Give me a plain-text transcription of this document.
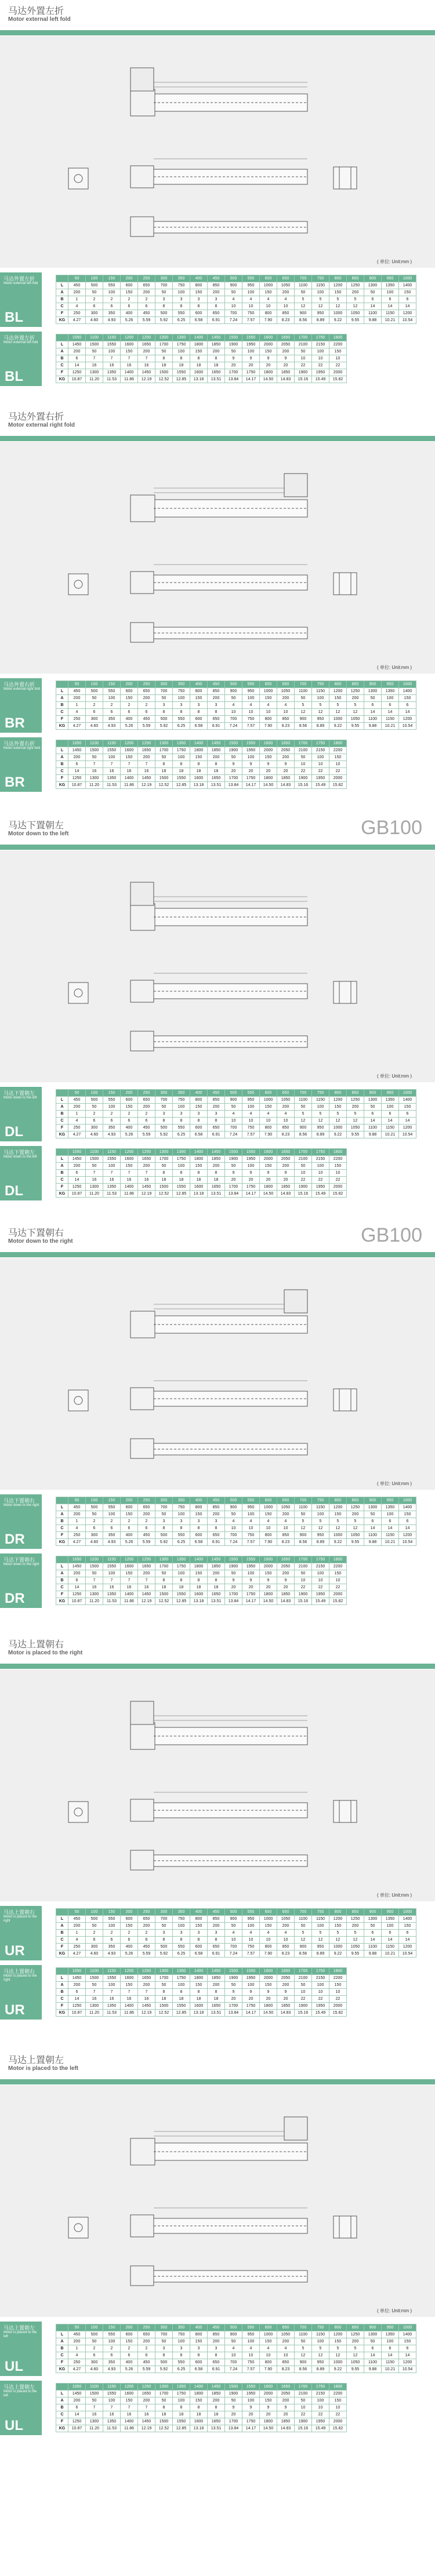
马达外置左折
Motor external left fold
( 单位: Unit:mm )
马达外置左折
Motor external left fold
BL
	50	100	150	200	250	300	350	400	450	500	550	600	650	700	750	800	850	900	950	1000
L	450	500	550	600	650	700	750	800	850	900	950	1000	1050	1100	1150	1200	1250	1300	1350	1400
A	200	50	100	150	200	50	100	150	200	50	100	150	200	50	100	150	200	50	100	150
B	1	2	2	2	2	3	3	3	3	4	4	4	4	5	5	5	5	6	6	6
C	4	6	6	6	6	8	8	8	8	10	10	10	10	12	12	12	12	14	14	14
F	250	300	350	400	450	500	550	600	650	700	750	800	850	900	950	1000	1050	1100	1150	1200
KG	4.27	4.60	4.93	5.26	5.59	5.92	6.25	6.58	6.91	7.24	7.57	7.90	8.23	8.56	8.89	9.22	9.55	9.88	10.21	10.54
马达外置左折
Motor external left fold
BL
	1050	1100	1150	1200	1250	1300	1350	1400	1450	1500	1550	1600	1650	1700	1750	1800
L	1450	1500	1550	1600	1650	1700	1750	1800	1850	1900	1950	2000	2050	2100	2150	2200
A	200	50	100	150	200	50	100	150	200	50	100	150	200	50	100	150
B	6	7	7	7	7	8	8	8	8	9	9	9	9	10	10	10
C	14	16	16	16	16	18	18	18	18	20	20	20	20	22	22	22
F	1250	1300	1350	1400	1450	1500	1550	1600	1650	1700	1750	1800	1850	1900	1950	2000
KG	10.87	11.20	11.53	11.86	12.19	12.52	12.85	13.18	13.51	13.84	14.17	14.50	14.83	15.16	15.49	15.82
马达外置右折
Motor external right fold
( 单位: Unit:mm )
马达外置右折
Motor external right fold
BR
	50	100	150	200	250	300	350	400	450	500	550	600	650	700	750	800	850	900	950	1000
L	450	500	550	600	650	700	750	800	850	900	950	1000	1050	1100	1150	1200	1250	1300	1350	1400
A	200	50	100	150	200	50	100	150	200	50	100	150	200	50	100	150	200	50	100	150
B	1	2	2	2	2	3	3	3	3	4	4	4	4	5	5	5	5	6	6	6
C	4	6	6	6	6	8	8	8	8	10	10	10	10	12	12	12	12	14	14	14
F	250	300	350	400	450	500	550	600	650	700	750	800	850	900	950	1000	1050	1100	1150	1200
KG	4.27	4.60	4.93	5.26	5.59	5.92	6.25	6.58	6.91	7.24	7.57	7.90	8.23	8.56	8.89	9.22	9.55	9.88	10.21	10.54
马达外置右折
Motor external right fold
BR
	1050	1100	1150	1200	1250	1300	1350	1400	1450	1500	1550	1600	1650	1700	1750	1800
L	1450	1500	1550	1600	1650	1700	1750	1800	1850	1900	1950	2000	2050	2100	2150	2200
A	200	50	100	150	200	50	100	150	200	50	100	150	200	50	100	150
B	6	7	7	7	7	8	8	8	8	9	9	9	9	10	10	10
C	14	16	16	16	16	18	18	18	18	20	20	20	20	22	22	22
F	1250	1300	1350	1400	1450	1500	1550	1600	1650	1700	1750	1800	1850	1900	1950	2000
KG	10.87	11.20	11.53	11.86	12.19	12.52	12.85	13.18	13.51	13.84	14.17	14.50	14.83	15.16	15.49	15.82
马达下置朝左
Motor down to the left	GB100
( 单位: Unit:mm )
马达下置朝左
Motor down to the left
DL
	50	100	150	200	250	300	350	400	450	500	550	600	650	700	750	800	850	900	950	1000
L	450	500	550	600	650	700	750	800	850	900	950	1000	1050	1100	1150	1200	1250	1300	1350	1400
A	200	50	100	150	200	50	100	150	200	50	100	150	200	50	100	150	200	50	100	150
B	1	2	2	2	2	3	3	3	3	4	4	4	4	5	5	5	5	6	6	6
C	4	6	6	6	6	8	8	8	8	10	10	10	10	12	12	12	12	14	14	14
F	250	300	350	400	450	500	550	600	650	700	750	800	850	900	950	1000	1050	1100	1150	1200
KG	4.27	4.60	4.93	5.26	5.59	5.92	6.25	6.58	6.91	7.24	7.57	7.90	8.23	8.56	8.89	9.22	9.55	9.88	10.21	10.54
马达下置朝左
Motor down to the left
DL
	1050	1100	1150	1200	1250	1300	1350	1400	1450	1500	1550	1600	1650	1700	1750	1800
L	1450	1500	1550	1600	1650	1700	1750	1800	1850	1900	1950	2000	2050	2100	2150	2200
A	200	50	100	150	200	50	100	150	200	50	100	150	200	50	100	150
B	6	7	7	7	7	8	8	8	8	9	9	9	9	10	10	10
C	14	16	16	16	16	18	18	18	18	20	20	20	20	22	22	22
F	1250	1300	1350	1400	1450	1500	1550	1600	1650	1700	1750	1800	1850	1900	1950	2000
KG	10.87	11.20	11.53	11.86	12.19	12.52	12.85	13.18	13.51	13.84	14.17	14.50	14.83	15.16	15.49	15.82
马达下置朝右
Motor down to the right	GB100
( 单位: Unit:mm )
马达下置朝右
Motor down to the right
DR
	50	100	150	200	250	300	350	400	450	500	550	600	650	700	750	800	850	900	950	1000
L	450	500	550	600	650	700	750	800	850	900	950	1000	1050	1100	1150	1200	1250	1300	1350	1400
A	200	50	100	150	200	50	100	150	200	50	100	150	200	50	100	150	200	50	100	150
B	1	2	2	2	2	3	3	3	3	4	4	4	4	5	5	5	5	6	6	6
C	4	6	6	6	6	8	8	8	8	10	10	10	10	12	12	12	12	14	14	14
F	250	300	350	400	450	500	550	600	650	700	750	800	850	900	950	1000	1050	1100	1150	1200
KG	4.27	4.60	4.93	5.26	5.59	5.92	6.25	6.58	6.91	7.24	7.57	7.90	8.23	8.56	8.89	9.22	9.55	9.88	10.21	10.54
马达下置朝右
Motor down to the right
DR
	1050	1100	1150	1200	1250	1300	1350	1400	1450	1500	1550	1600	1650	1700	1750	1800
L	1450	1500	1550	1600	1650	1700	1750	1800	1850	1900	1950	2000	2050	2100	2150	2200
A	200	50	100	150	200	50	100	150	200	50	100	150	200	50	100	150
B	6	7	7	7	7	8	8	8	8	9	9	9	9	10	10	10
C	14	16	16	16	16	18	18	18	18	20	20	20	20	22	22	22
F	1250	1300	1350	1400	1450	1500	1550	1600	1650	1700	1750	1800	1850	1900	1950	2000
KG	10.87	11.20	11.53	11.86	12.19	12.52	12.85	13.18	13.51	13.84	14.17	14.50	14.83	15.16	15.49	15.82
马达上置朝右
Motor is placed to the right
( 单位: Unit:mm )
马达上置朝右
Motor is placed to the right
UR
	50	100	150	200	250	300	350	400	450	500	550	600	650	700	750	800	850	900	950	1000
L	450	500	550	600	650	700	750	800	850	900	950	1000	1050	1100	1150	1200	1250	1300	1350	1400
A	200	50	100	150	200	50	100	150	200	50	100	150	200	50	100	150	200	50	100	150
B	1	2	2	2	2	3	3	3	3	4	4	4	4	5	5	5	5	6	6	6
C	4	6	6	6	6	8	8	8	8	10	10	10	10	12	12	12	12	14	14	14
F	250	300	350	400	450	500	550	600	650	700	750	800	850	900	950	1000	1050	1100	1150	1200
KG	4.27	4.60	4.93	5.26	5.59	5.92	6.25	6.58	6.91	7.24	7.57	7.90	8.23	8.56	8.89	9.22	9.55	9.88	10.21	10.54
马达上置朝右
Motor is placed to the right
UR
	1050	1100	1150	1200	1250	1300	1350	1400	1450	1500	1550	1600	1650	1700	1750	1800
L	1450	1500	1550	1600	1650	1700	1750	1800	1850	1900	1950	2000	2050	2100	2150	2200
A	200	50	100	150	200	50	100	150	200	50	100	150	200	50	100	150
B	6	7	7	7	7	8	8	8	8	9	9	9	9	10	10	10
C	14	16	16	16	16	18	18	18	18	20	20	20	20	22	22	22
F	1250	1300	1350	1400	1450	1500	1550	1600	1650	1700	1750	1800	1850	1900	1950	2000
KG	10.87	11.20	11.53	11.86	12.19	12.52	12.85	13.18	13.51	13.84	14.17	14.50	14.83	15.16	15.49	15.82
马达上置朝左
Motor is placed to the left
( 单位: Unit:mm )
马达上置朝左
Motor is placed to the left
UL
	50	100	150	200	250	300	350	400	450	500	550	600	650	700	750	800	850	900	950	1000
L	450	500	550	600	650	700	750	800	850	900	950	1000	1050	1100	1150	1200	1250	1300	1350	1400
A	200	50	100	150	200	50	100	150	200	50	100	150	200	50	100	150	200	50	100	150
B	1	2	2	2	2	3	3	3	3	4	4	4	4	5	5	5	5	6	6	6
C	4	6	6	6	6	8	8	8	8	10	10	10	10	12	12	12	12	14	14	14
F	250	300	350	400	450	500	550	600	650	700	750	800	850	900	950	1000	1050	1100	1150	1200
KG	4.27	4.60	4.93	5.26	5.59	5.92	6.25	6.58	6.91	7.24	7.57	7.90	8.23	8.56	8.89	9.22	9.55	9.88	10.21	10.54
马达上置朝左
Motor is placed to the left
UL
	1050	1100	1150	1200	1250	1300	1350	1400	1450	1500	1550	1600	1650	1700	1750	1800
L	1450	1500	1550	1600	1650	1700	1750	1800	1850	1900	1950	2000	2050	2100	2150	2200
A	200	50	100	150	200	50	100	150	200	50	100	150	200	50	100	150
B	6	7	7	7	7	8	8	8	8	9	9	9	9	10	10	10
C	14	16	16	16	16	18	18	18	18	20	20	20	20	22	22	22
F	1250	1300	1350	1400	1450	1500	1550	1600	1650	1700	1750	1800	1850	1900	1950	2000
KG	10.87	11.20	11.53	11.86	12.19	12.52	12.85	13.18	13.51	13.84	14.17	14.50	14.83	15.16	15.49	15.82
